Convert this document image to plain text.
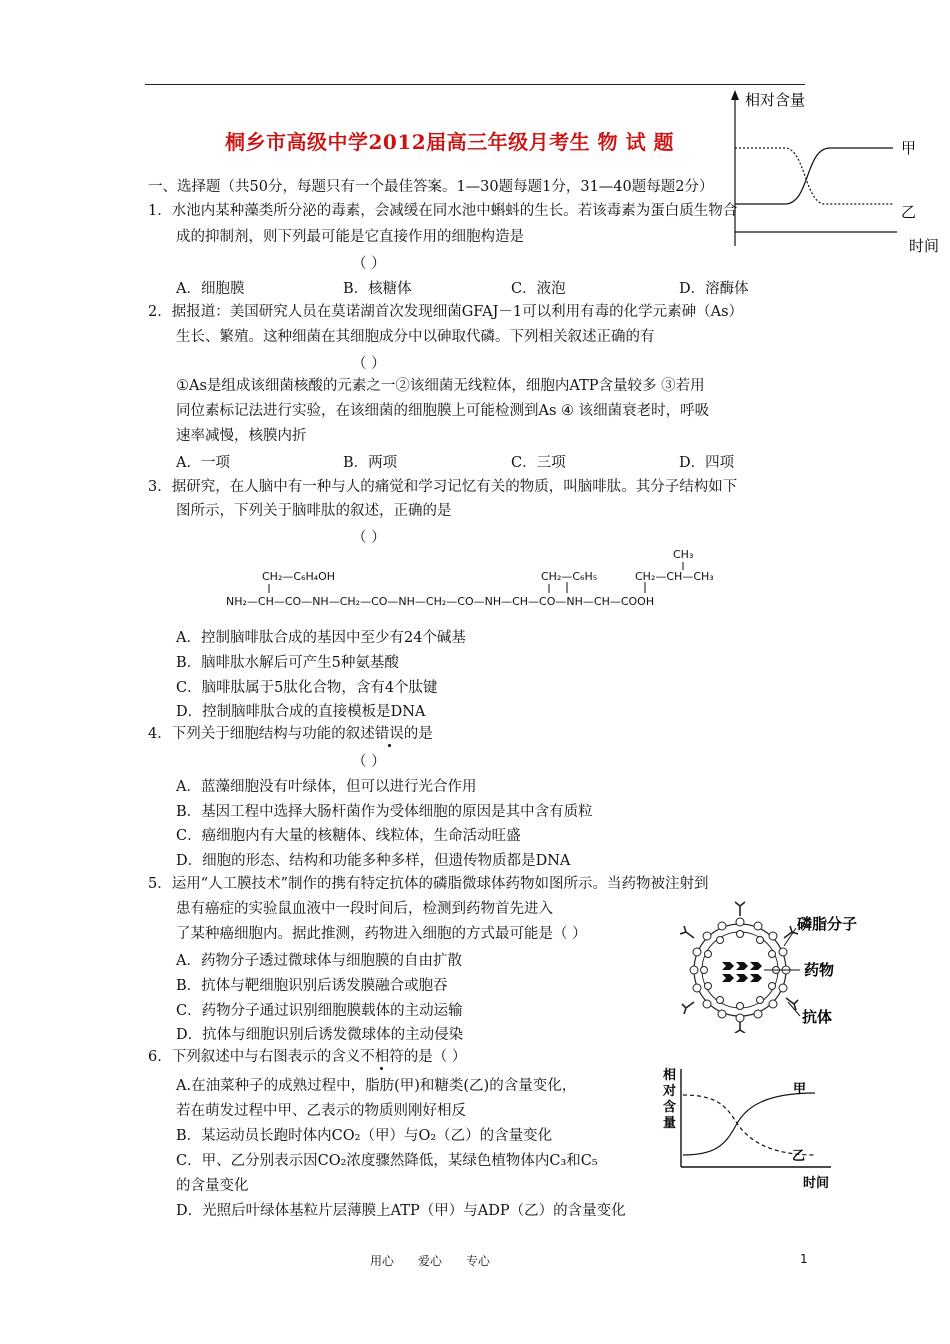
相对含量
时间
甲
乙
桐乡市高级中学2012届高三年级月考生 物 试 题
一、选择题（共50分，每题只有一个最佳答案。1—30题每题1分，31—40题每题2分）
1．水池内某种藻类所分泌的毒素，会减缓在同水池中蝌蚪的生长。若该毒素为蛋白质生物合
成的抑制剂，则下列最可能是它直接作用的细胞构造是
（ ）
A．细胞膜	B．核糖体	C．液泡	D．溶酶体
2．据报道：美国研究人员在莫诺湖首次发现细菌GFAJ－1可以利用有毒的化学元素砷（As）
生长、繁殖。这种细菌在其细胞成分中以砷取代磷。下列相关叙述正确的有
（ ）
①As是组成该细菌核酸的元素之一②该细菌无线粒体，细胞内ATP含量较多 ③若用
同位素标记法进行实验，在该细菌的细胞膜上可能检测到As ④ 该细菌衰老时，呼吸
速率减慢，核膜内折
A．一项	B．两项	C．三项	D．四项
3．据研究，在人脑中有一种与人的痛觉和学习记忆有关的物质，叫脑啡肽。其分子结构如下
图所示，下列关于脑啡肽的叙述，正确的是
（ ）
CH₃
CH₂—C₆H₄OH	CH₂—C₆H₅	CH₂—CH—CH₃
NH₂—CH—CO—NH—CH₂—CO—NH—CH₂—CO—NH—CH—CO—NH—CH—COOH
A．控制脑啡肽合成的基因中至少有24个碱基
B．脑啡肽水解后可产生5种氨基酸
C．脑啡肽属于5肽化合物，含有4个肽键
D．控制脑啡肽合成的直接模板是DNA
4．下列关于细胞结构与功能的叙述错误的是
（ ）
A．蓝藻细胞没有叶绿体，但可以进行光合作用
B．基因工程中选择大肠杆菌作为受体细胞的原因是其中含有质粒
C．癌细胞内有大量的核糖体、线粒体，生命活动旺盛
D．细胞的形态、结构和功能多种多样，但遗传物质都是DNA
5．运用“人工膜技术”制作的携有特定抗体的磷脂微球体药物如图所示。当药物被注射到
患有癌症的实验鼠血液中一段时间后，检测到药物首先进入
了某种癌细胞内。据此推测，药物进入细胞的方式最可能是（ ）
磷脂分子
药物
抗体
A．药物分子透过微球体与细胞膜的自由扩散
B．抗体与靶细胞识别后诱发膜融合或胞吞
C．药物分子通过识别细胞膜载体的主动运输
D．抗体与细胞识别后诱发微球体的主动侵染
6．下列叙述中与右图表示的含义不相符的是（ ）
A.在油菜种子的成熟过程中，脂肪(甲)和糖类(乙)的含量变化，
若在萌发过程中甲、乙表示的物质则刚好相反
B．某运动员长跑时体内CO₂（甲）与O₂（乙）的含量变化
C．甲、乙分别表示因CO₂浓度骤然降低，某绿色植物体内C₃和C₅
的含量变化
D．光照后叶绿体基粒片层薄膜上ATP（甲）与ADP（乙）的含量变化
相
对
含
量
甲
乙
时间
用心　　爱心　　专心	1
